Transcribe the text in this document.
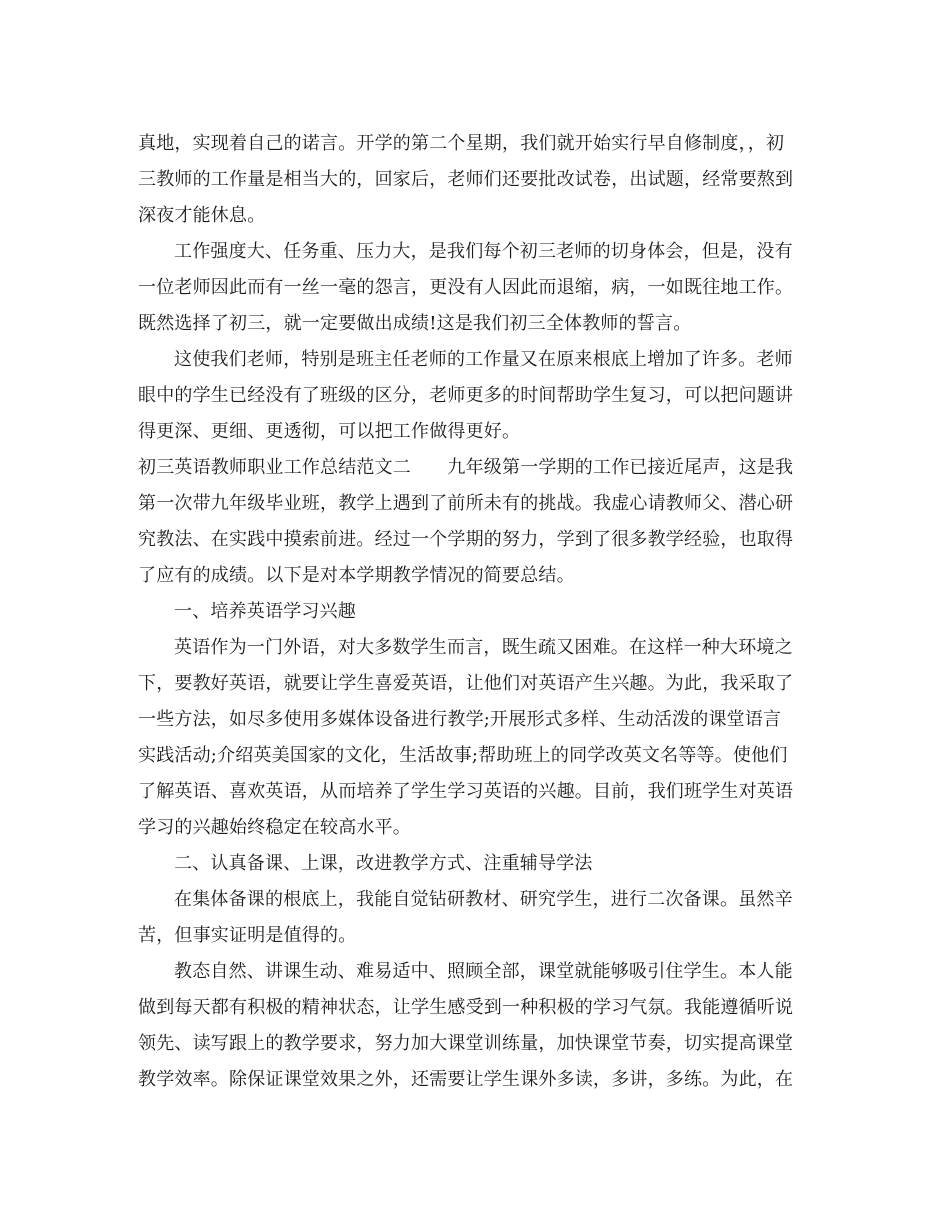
真地，实现着自己的诺言。开学的第二个星期，我们就开始实行早自修制度，，初
三教师的工作量是相当大的，回家后，老师们还要批改试卷，出试题，经常要熬到
深夜才能休息。
工作强度大、任务重、压力大，是我们每个初三老师的切身体会，但是，没有
一位老师因此而有一丝一毫的怨言，更没有人因此而退缩，病，一如既往地工作。
既然选择了初三，就一定要做出成绩!这是我们初三全体教师的誓言。
这使我们老师，特别是班主任老师的工作量又在原来根底上增加了许多。老师
眼中的学生已经没有了班级的区分，老师更多的时间帮助学生复习，可以把问题讲
得更深、更细、更透彻，可以把工作做得更好。
初三英语教师职业工作总结范文二　　九年级第一学期的工作已接近尾声，这是我
第一次带九年级毕业班，教学上遇到了前所未有的挑战。我虚心请教师父、潜心研
究教法、在实践中摸索前进。经过一个学期的努力，学到了很多教学经验，也取得
了应有的成绩。以下是对本学期教学情况的简要总结。
一、培养英语学习兴趣
英语作为一门外语，对大多数学生而言，既生疏又困难。在这样一种大环境之
下，要教好英语，就要让学生喜爱英语，让他们对英语产生兴趣。为此，我采取了
一些方法，如尽多使用多媒体设备进行教学;开展形式多样、生动活泼的课堂语言
实践活动;介绍英美国家的文化，生活故事;帮助班上的同学改英文名等等。使他们
了解英语、喜欢英语，从而培养了学生学习英语的兴趣。目前，我们班学生对英语
学习的兴趣始终稳定在较高水平。
二、认真备课、上课，改进教学方式、注重辅导学法
在集体备课的根底上，我能自觉钻研教材、研究学生，进行二次备课。虽然辛
苦，但事实证明是值得的。
教态自然、讲课生动、难易适中、照顾全部，课堂就能够吸引住学生。本人能
做到每天都有积极的精神状态，让学生感受到一种积极的学习气氛。我能遵循听说
领先、读写跟上的教学要求，努力加大课堂训练量，加快课堂节奏，切实提高课堂
教学效率。除保证课堂效果之外，还需要让学生课外多读，多讲，多练。为此，在
